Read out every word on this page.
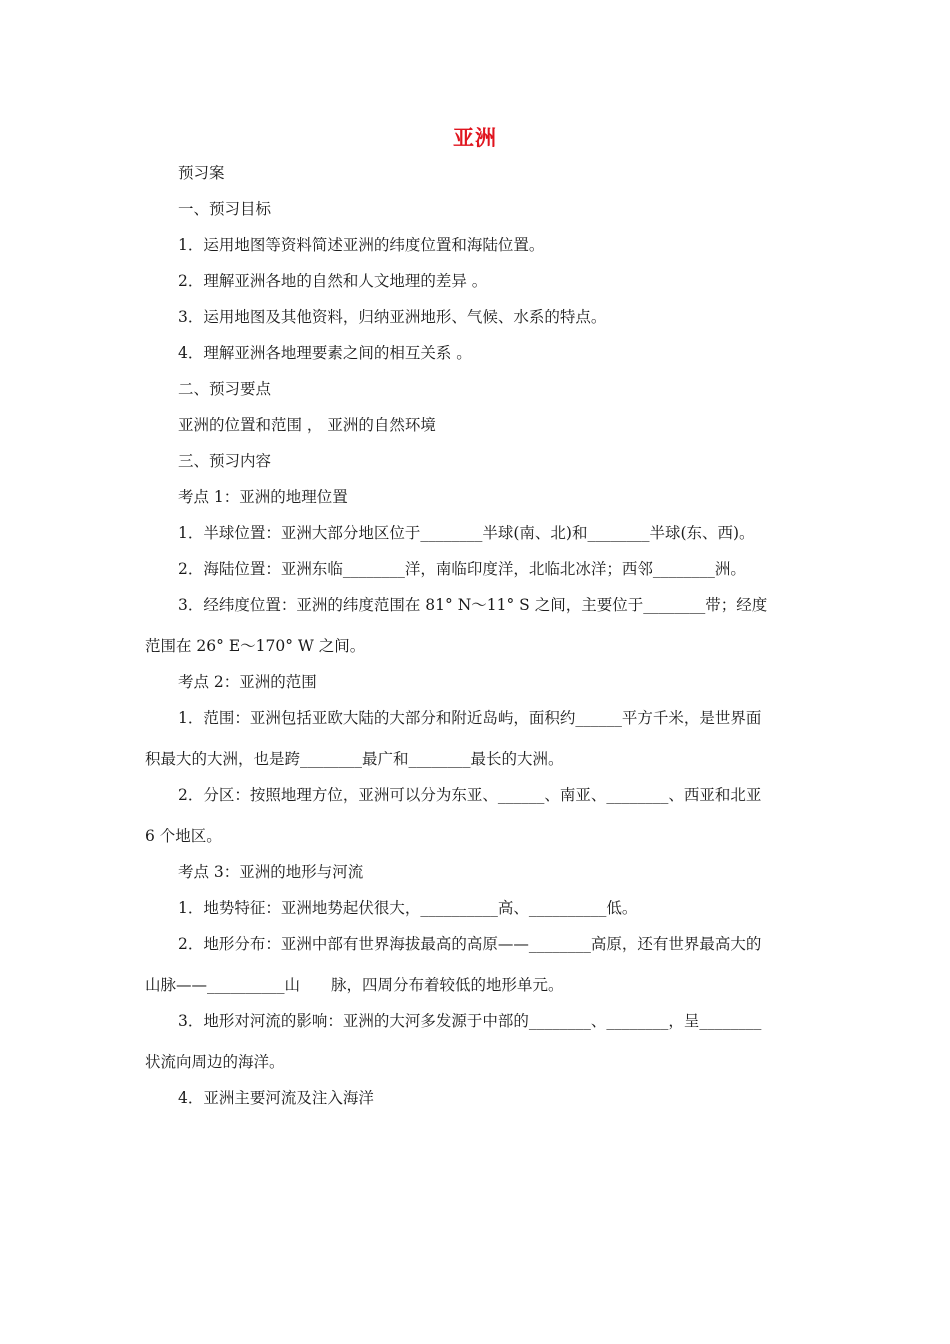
亚洲
预习案
一、预习目标
1．运用地图等资料简述亚洲的纬度位置和海陆位置。
2．理解亚洲各地的自然和人文地理的差异 。
3．运用地图及其他资料，归纳亚洲地形、气候、水系的特点。
4．理解亚洲各地理要素之间的相互关系 。
二、预习要点
亚洲的位置和范围 ， 亚洲的自然环境
三、预习内容
考点 1：亚洲的地理位置
1．半球位置：亚洲大部分地区位于________半球(南、北)和________半球(东、西)。
2．海陆位置：亚洲东临________洋，南临印度洋，北临北冰洋；西邻________洲。
3．经纬度位置：亚洲的纬度范围在 81° N～11° S 之间，主要位于________带；经度
范围在 26° E～170° W 之间。
考点 2：亚洲的范围
1．范围：亚洲包括亚欧大陆的大部分和附近岛屿，面积约______平方千米，是世界面
积最大的大洲，也是跨________最广和________最长的大洲。
2．分区：按照地理方位，亚洲可以分为东亚、______、南亚、________、西亚和北亚
6 个地区。
考点 3：亚洲的地形与河流
1．地势特征：亚洲地势起伏很大，__________高、__________低。
2．地形分布：亚洲中部有世界海拔最高的高原——________高原，还有世界最高大的
山脉——__________山　　脉，四周分布着较低的地形单元。
3．地形对河流的影响：亚洲的大河多发源于中部的________、________，呈________
状流向周边的海洋。
4．亚洲主要河流及注入海洋
